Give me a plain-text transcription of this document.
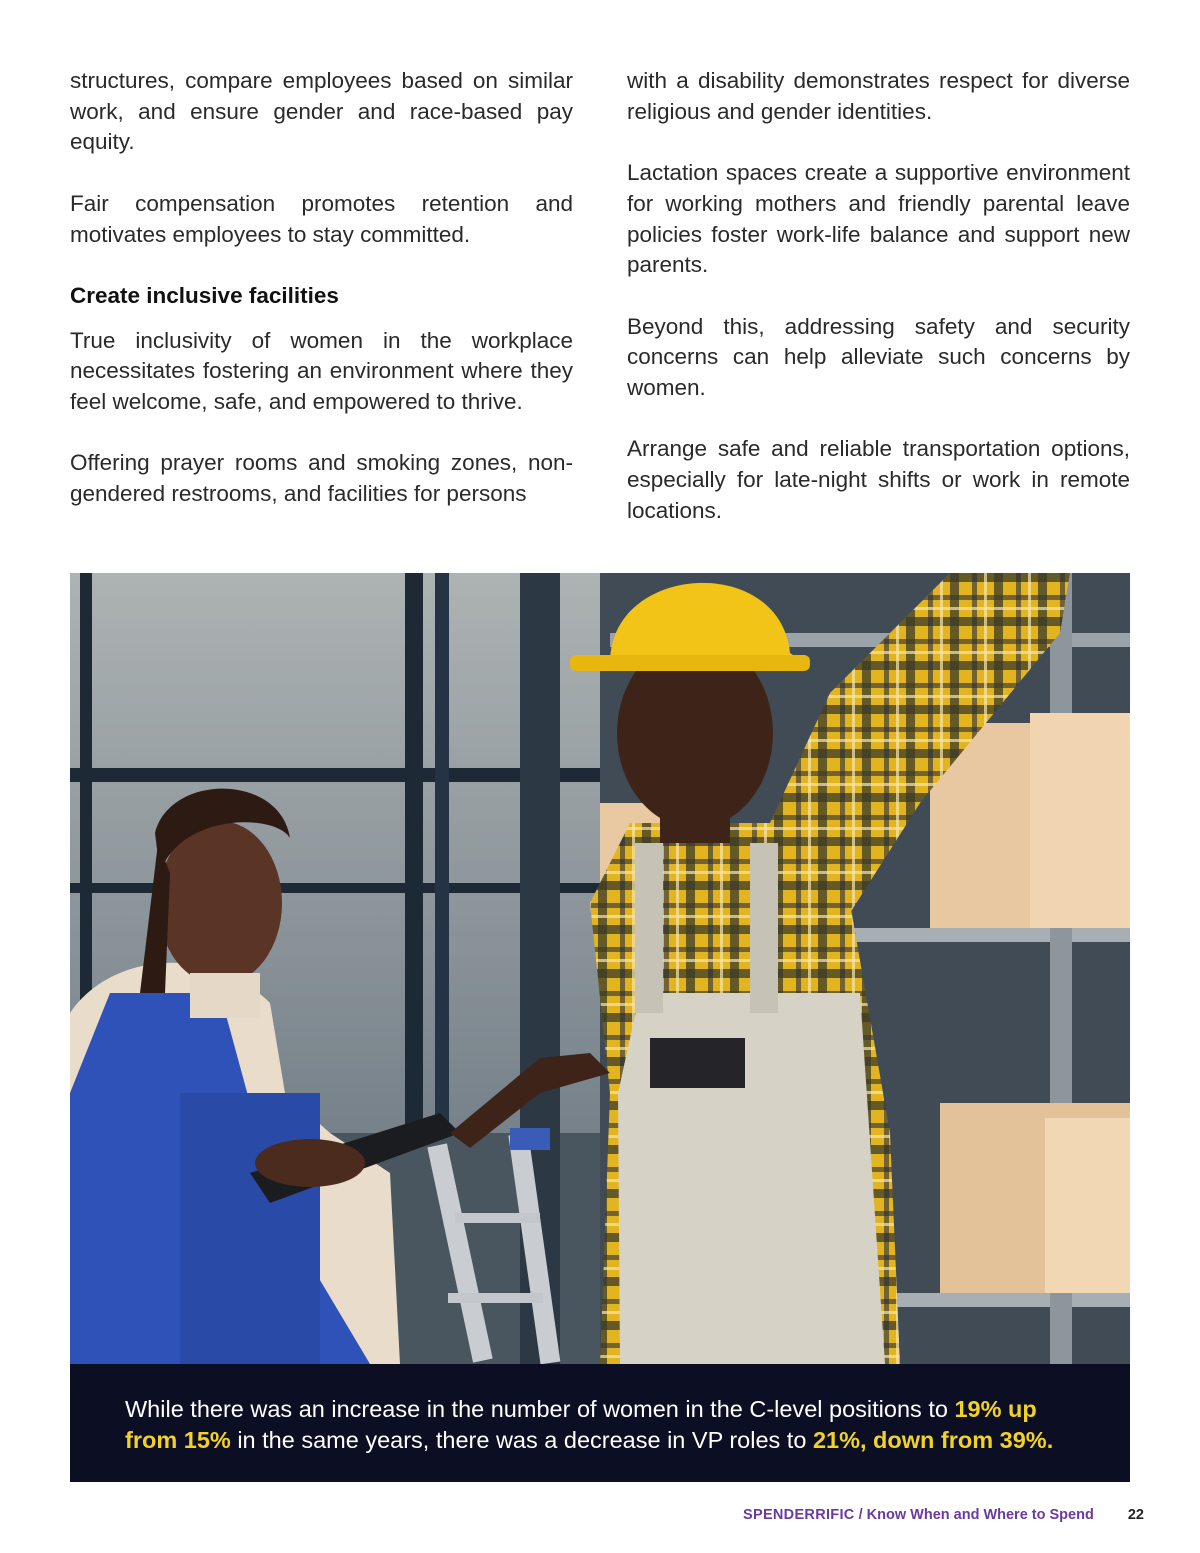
structures, compare employees based on similar work, and ensure gender and race-based pay equity.

Fair compensation promotes retention and motivates employees to stay committed.

Create inclusive facilities

True inclusivity of women in the workplace necessitates fostering an environment where they feel welcome, safe, and empowered to thrive.

Offering prayer rooms and smoking zones, non-gendered restrooms, and facilities for persons

with a disability demonstrates respect for diverse religious and gender identities.

Lactation spaces create a supportive environment for working mothers and friendly parental leave policies foster work-life balance and support new parents.

Beyond this, addressing safety and security concerns can help alleviate such concerns by women.

Arrange safe and reliable transportation options, especially for late-night shifts or work in remote locations.

While there was an increase in the number of women in the C-level positions to 19% up from 15% in the same years, there was a decrease in VP roles to 21%, down from 39%.
SPENDERRIFIC / Know When and Where to Spend 22
